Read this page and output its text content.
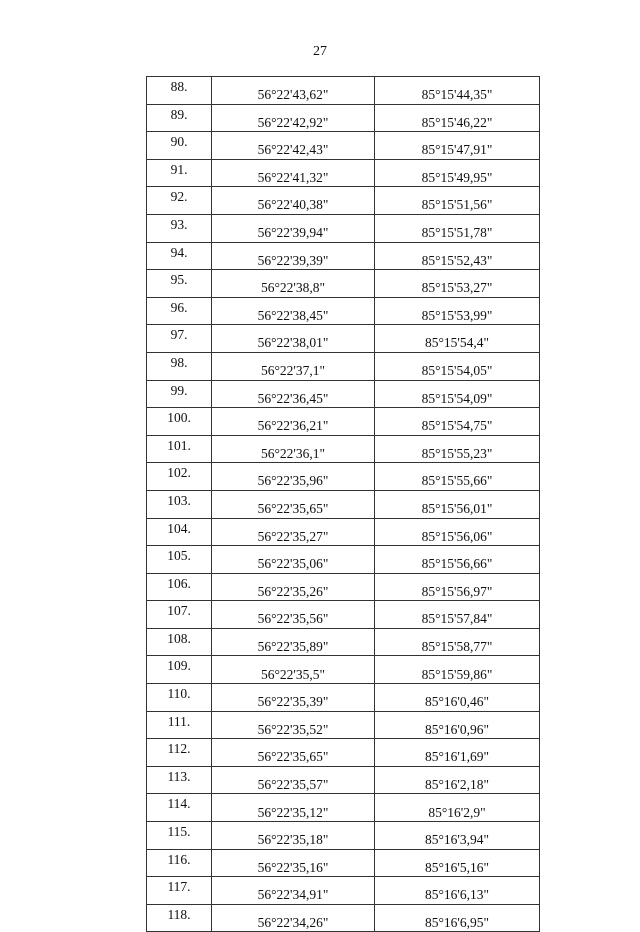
27
88.	56°22'43,62"	85°15'44,35"
89.	56°22'42,92"	85°15'46,22"
90.	56°22'42,43"	85°15'47,91"
91.	56°22'41,32"	85°15'49,95"
92.	56°22'40,38"	85°15'51,56"
93.	56°22'39,94"	85°15'51,78"
94.	56°22'39,39"	85°15'52,43"
95.	56°22'38,8"	85°15'53,27"
96.	56°22'38,45"	85°15'53,99"
97.	56°22'38,01"	85°15'54,4"
98.	56°22'37,1"	85°15'54,05"
99.	56°22'36,45"	85°15'54,09"
100.	56°22'36,21"	85°15'54,75"
101.	56°22'36,1"	85°15'55,23"
102.	56°22'35,96"	85°15'55,66"
103.	56°22'35,65"	85°15'56,01"
104.	56°22'35,27"	85°15'56,06"
105.	56°22'35,06"	85°15'56,66"
106.	56°22'35,26"	85°15'56,97"
107.	56°22'35,56"	85°15'57,84"
108.	56°22'35,89"	85°15'58,77"
109.	56°22'35,5"	85°15'59,86"
110.	56°22'35,39"	85°16'0,46"
111.	56°22'35,52"	85°16'0,96"
112.	56°22'35,65"	85°16'1,69"
113.	56°22'35,57"	85°16'2,18"
114.	56°22'35,12"	85°16'2,9"
115.	56°22'35,18"	85°16'3,94"
116.	56°22'35,16"	85°16'5,16"
117.	56°22'34,91"	85°16'6,13"
118.	56°22'34,26"	85°16'6,95"
